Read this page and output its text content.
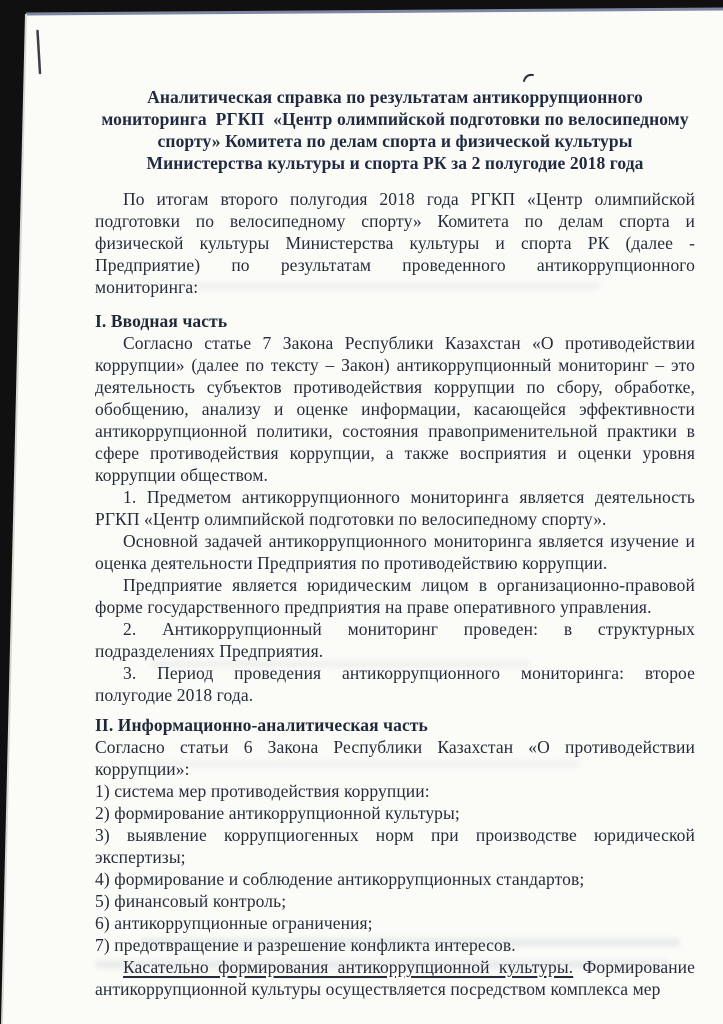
Аналитическая справка по результатам антикоррупционного
мониторинга  РГКП  «Центр олимпийской подготовки по велосипедному
спорту» Комитета по делам спорта и физической культуры
Министерства культуры и спорта РК за 2 полугодие 2018 года

По итогам второго полугодия 2018 года РГКП «Центр олимпийской подготовки по велосипедному спорту» Комитета по делам спорта и физической культуры Министерства культуры и спорта РК (далее - Предприятие) по результатам проведенного антикоррупционного мониторинга:

I. Вводная часть

Согласно статье 7 Закона Республики Казахстан «О противодействии коррупции» (далее по тексту – Закон) антикоррупционный мониторинг – это деятельность субъектов противодействия коррупции по сбору, обработке, обобщению, анализу и оценке информации, касающейся эффективности антикоррупционной политики, состояния правоприменительной практики в сфере противодействия коррупции, а также восприятия и оценки уровня коррупции обществом.

1. Предметом антикоррупционного мониторинга является деятельность РГКП «Центр олимпийской подготовки по велосипедному спорту».

Основной задачей антикоррупционного мониторинга является изучение и оценка деятельности Предприятия по противодействию коррупции.

Предприятие является юридическим лицом в организационно-правовой форме государственного предприятия на праве оперативного управления.

2. Антикоррупционный мониторинг проведен: в структурных подразделениях Предприятия.

3. Период проведения антикоррупционного мониторинга: второе полугодие 2018 года.

II. Информационно-аналитическая часть

Согласно статьи 6 Закона Республики Казахстан «О противодействии коррупции»:

1) система мер противодействия коррупции:

2) формирование антикоррупционной культуры;

3) выявление коррупциогенных норм при производстве юридической экспертизы;

4) формирование и соблюдение антикоррупционных стандартов;

5) финансовый контроль;

6) антикоррупционные ограничения;

7) предотвращение и разрешение конфликта интересов.

Касательно формирования антикоррупционной культуры. Формирование антикоррупционной культуры осуществляется посредством комплекса мер
